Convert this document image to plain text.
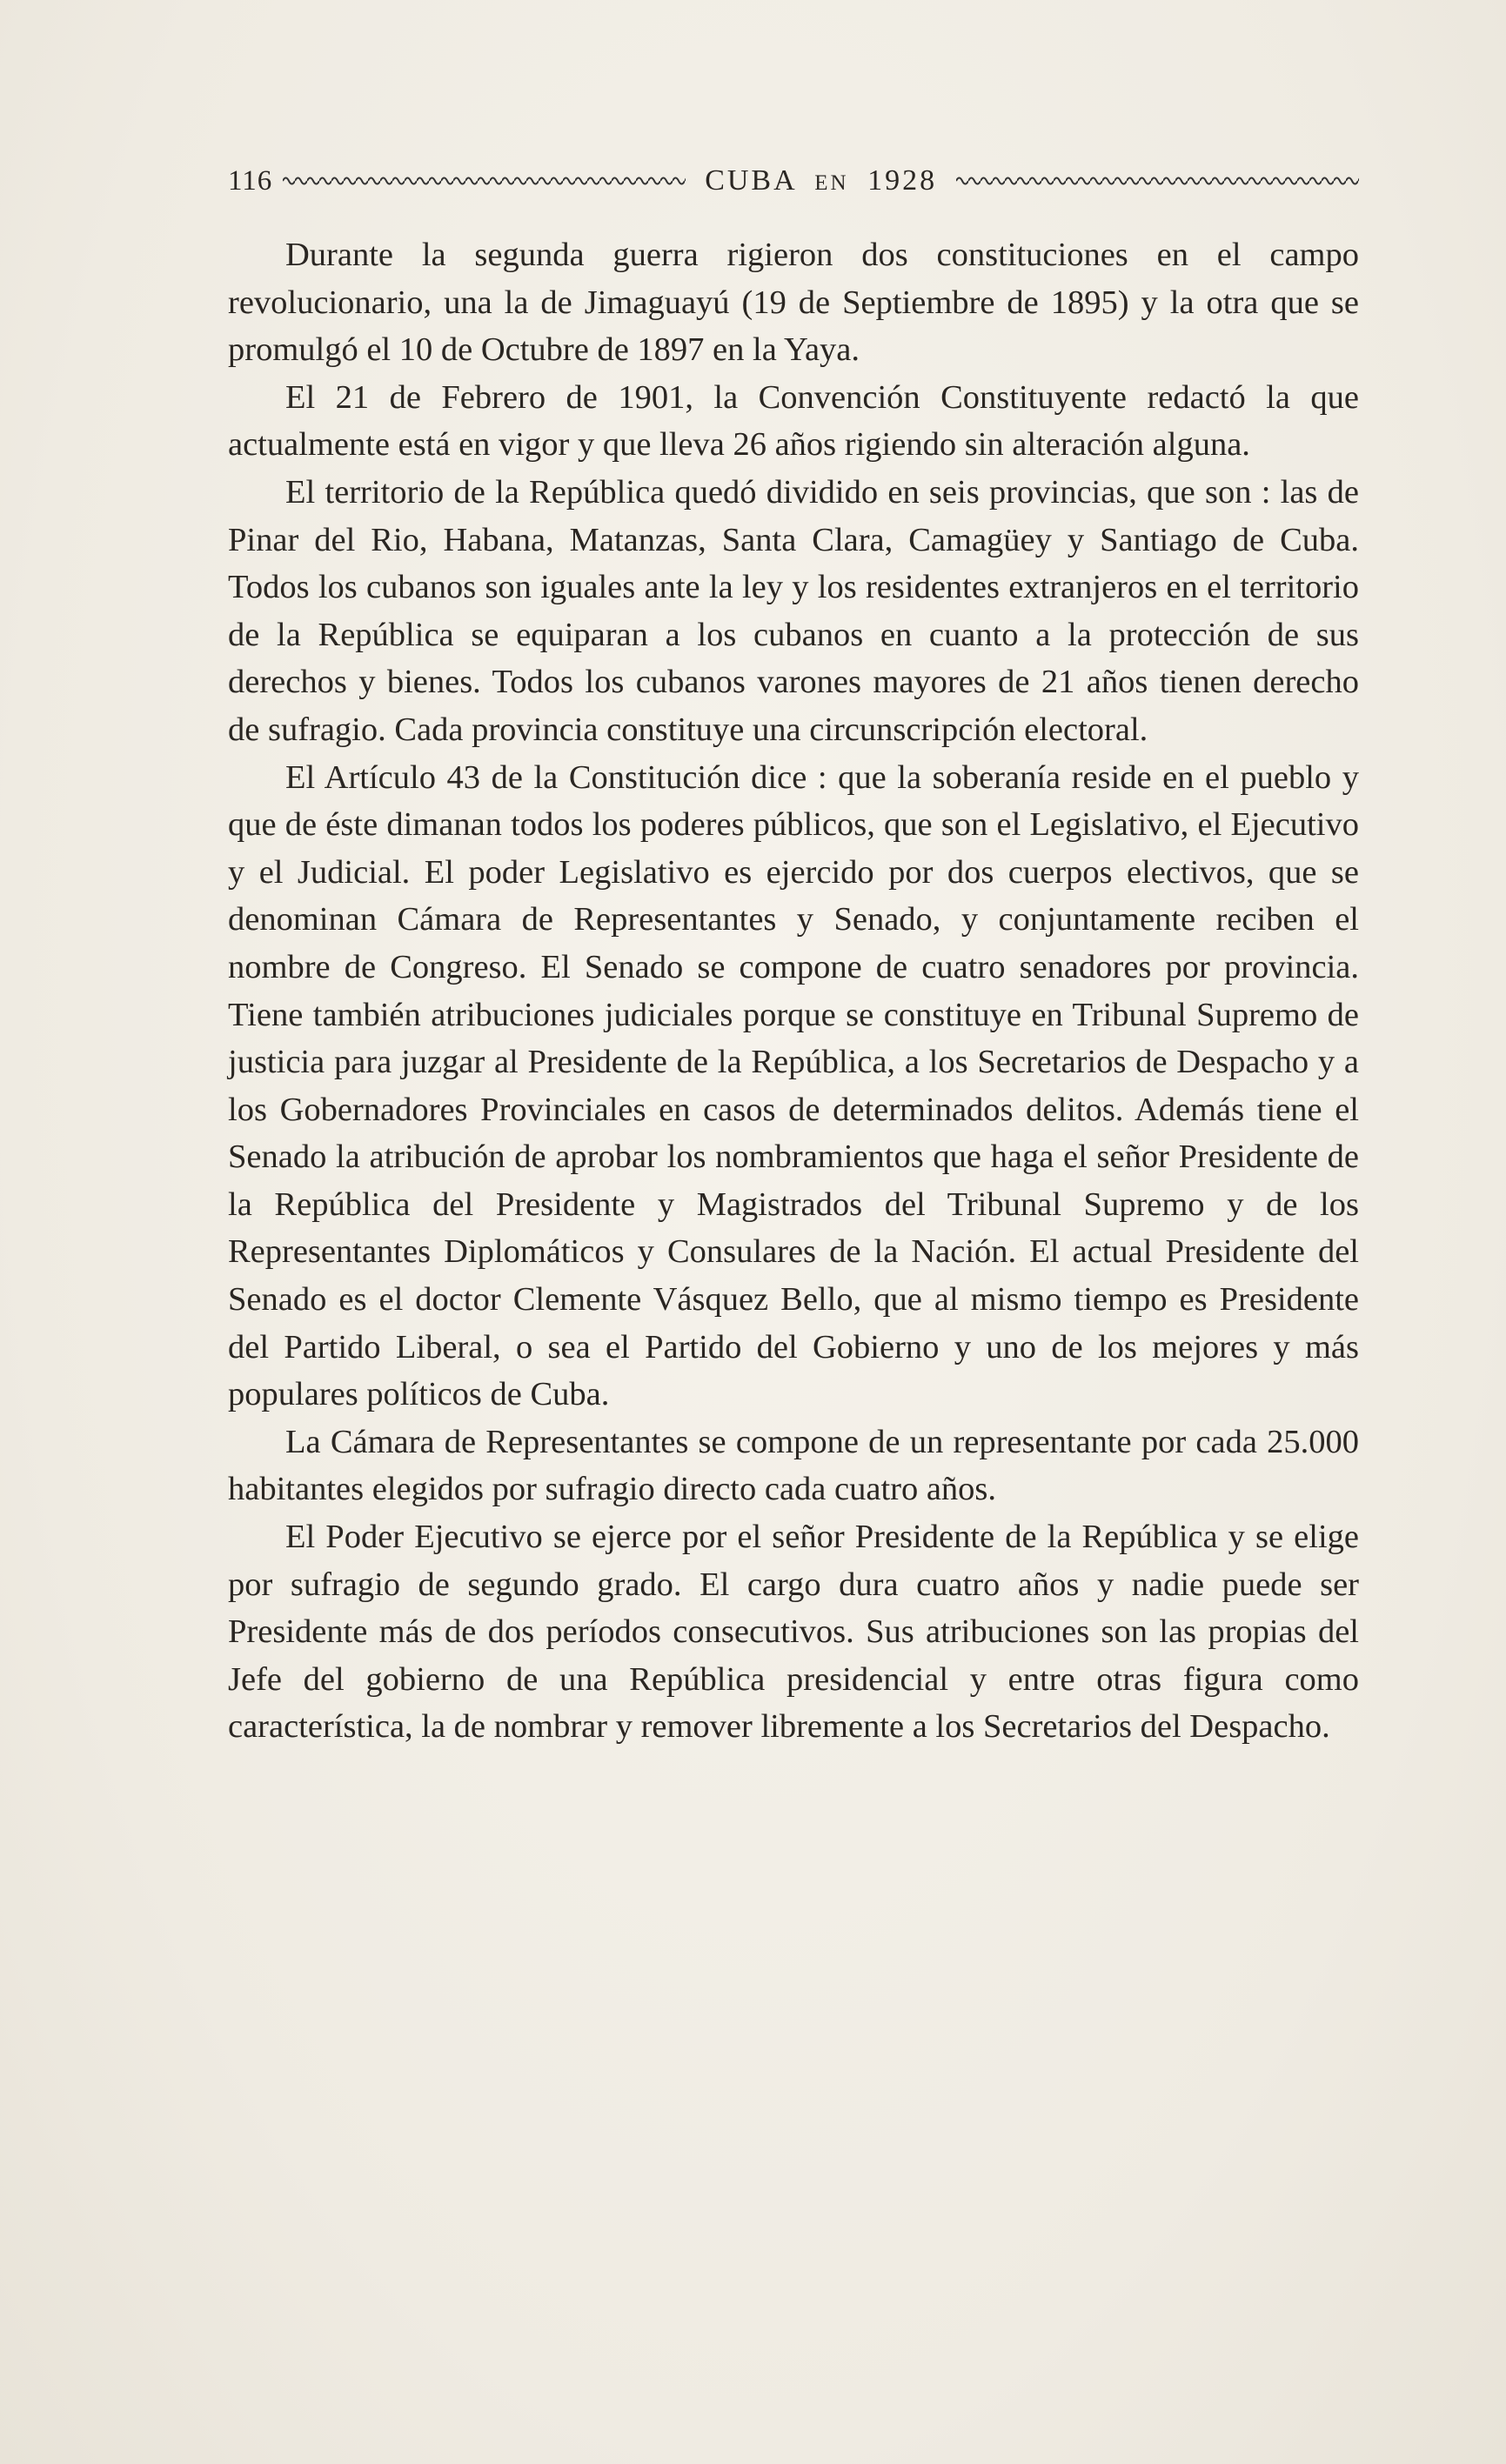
116	CUBA EN 1928

Durante la segunda guerra rigieron dos constituciones en el campo revolucionario, una la de Jimaguayú (19 de Septiembre de 1895) y la otra que se promulgó el 10 de Octubre de 1897 en la Yaya.

El 21 de Febrero de 1901, la Convención Constituyente redactó la que actualmente está en vigor y que lleva 26 años rigiendo sin alteración alguna.

El territorio de la República quedó dividido en seis provincias, que son : las de Pinar del Rio, Habana, Matanzas, Santa Clara, Camagüey y Santiago de Cuba. Todos los cubanos son iguales ante la ley y los residentes extranjeros en el territorio de la República se equiparan a los cubanos en cuanto a la protección de sus derechos y bienes. Todos los cubanos varones mayores de 21 años tienen derecho de sufragio. Cada provincia constituye una circunscripción electoral.

El Artículo 43 de la Constitución dice : que la soberanía reside en el pueblo y que de éste dimanan todos los poderes públicos, que son el Legislativo, el Ejecutivo y el Judicial. El poder Legislativo es ejercido por dos cuerpos electivos, que se denominan Cámara de Representantes y Senado, y conjuntamente reciben el nombre de Congreso. El Senado se compone de cuatro senadores por provincia. Tiene también atribuciones judiciales porque se constituye en Tribunal Supremo de justicia para juzgar al Presidente de la República, a los Secretarios de Despacho y a los Gobernadores Provinciales en casos de determinados delitos. Además tiene el Senado la atribución de aprobar los nombramientos que haga el señor Presidente de la República del Presidente y Magistrados del Tribunal Supremo y de los Representantes Diplomáticos y Consulares de la Nación. El actual Presidente del Senado es el doctor Clemente Vásquez Bello, que al mismo tiempo es Presidente del Partido Liberal, o sea el Partido del Gobierno y uno de los mejores y más populares políticos de Cuba.

La Cámara de Representantes se compone de un representante por cada 25.000 habitantes elegidos por sufragio directo cada cuatro años.

El Poder Ejecutivo se ejerce por el señor Presidente de la República y se elige por sufragio de segundo grado. El cargo dura cuatro años y nadie puede ser Presidente más de dos períodos consecutivos. Sus atribuciones son las propias del Jefe del gobierno de una República presidencial y entre otras figura como característica, la de nombrar y remover libremente a los Secretarios del Despacho.
